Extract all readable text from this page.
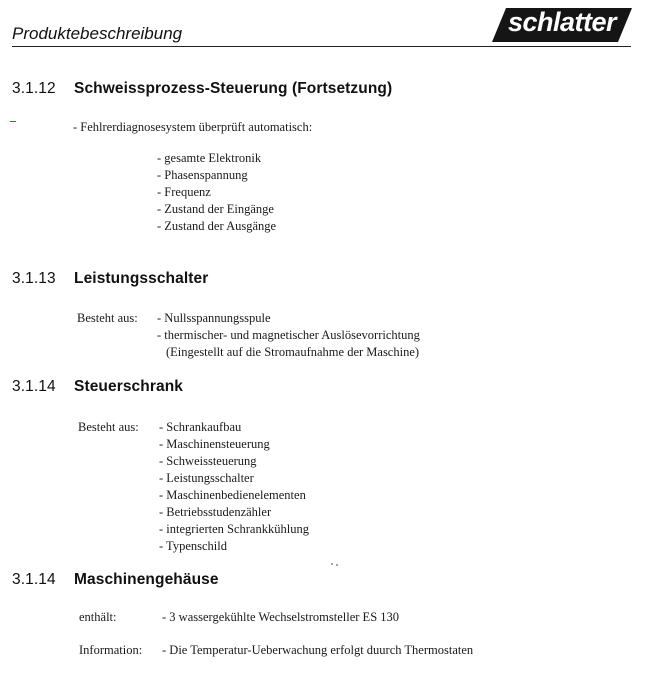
Produktebeschreibung	schlatter
3.1.12 Schweissprozess-Steuerung (Fortsetzung)
- Fehlrerdiagnosesystem überprüft automatisch:
- gesamte Elektronik
- Phasenspannung
- Frequenz
- Zustand der Eingänge
- Zustand der Ausgänge
3.1.13 Leistungsschalter
Besteht aus: - Nullsspannungsspule
- thermischer- und magnetischer Auslösevorrichtung
(Eingestellt auf die Stromaufnahme der Maschine)
3.1.14 Steuerschrank
Besteht aus: - Schrankaufbau
- Maschinensteuerung
- Schweissteuerung
- Leistungsschalter
- Maschinenbedienelementen
- Betriebsstudenzähler
- integrierten Schrankkühlung
- Typenschild
3.1.14 Maschinengehäuse
enthält:	- 3 wassergekühlte Wechselstromsteller ES 130
Information: - Die Temperatur-Ueberwachung erfolgt duurch Thermostaten
